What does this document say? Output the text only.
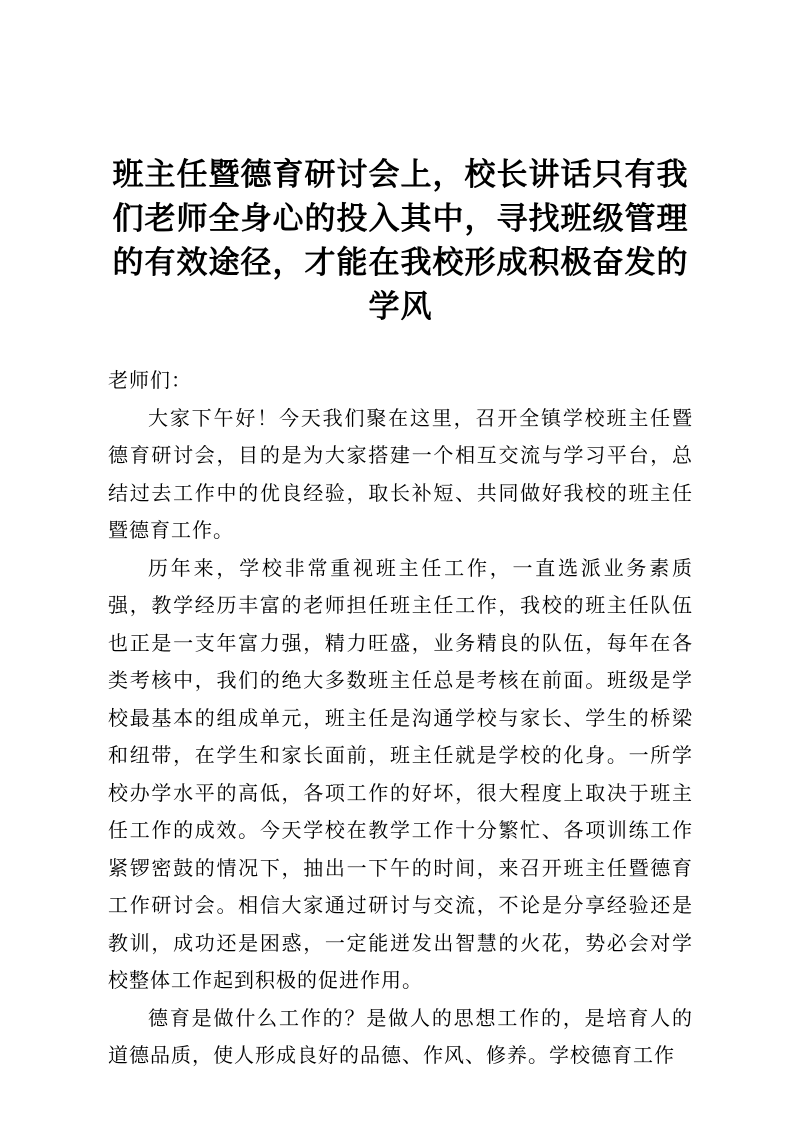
班主任暨德育研讨会上，校长讲话只有我们老师全身心的投入其中，寻找班级管理的有效途径，才能在我校形成积极奋发的学风

老师们：

大家下午好！今天我们聚在这里，召开全镇学校班主任暨德育研讨会，目的是为大家搭建一个相互交流与学习平台，总结过去工作中的优良经验，取长补短、共同做好我校的班主任暨德育工作。

历年来，学校非常重视班主任工作，一直选派业务素质强，教学经历丰富的老师担任班主任工作，我校的班主任队伍也正是一支年富力强，精力旺盛，业务精良的队伍，每年在各类考核中，我们的绝大多数班主任总是考核在前面。班级是学校最基本的组成单元，班主任是沟通学校与家长、学生的桥梁和纽带，在学生和家长面前，班主任就是学校的化身。一所学校办学水平的高低，各项工作的好坏，很大程度上取决于班主任工作的成效。今天学校在教学工作十分繁忙、各项训练工作紧锣密鼓的情况下，抽出一下午的时间，来召开班主任暨德育工作研讨会。相信大家通过研讨与交流，不论是分享经验还是教训，成功还是困惑，一定能迸发出智慧的火花，势必会对学校整体工作起到积极的促进作用。

德育是做什么工作的？是做人的思想工作的，是培育人的道德品质，使人形成良好的品德、作风、修养。学校德育工作
